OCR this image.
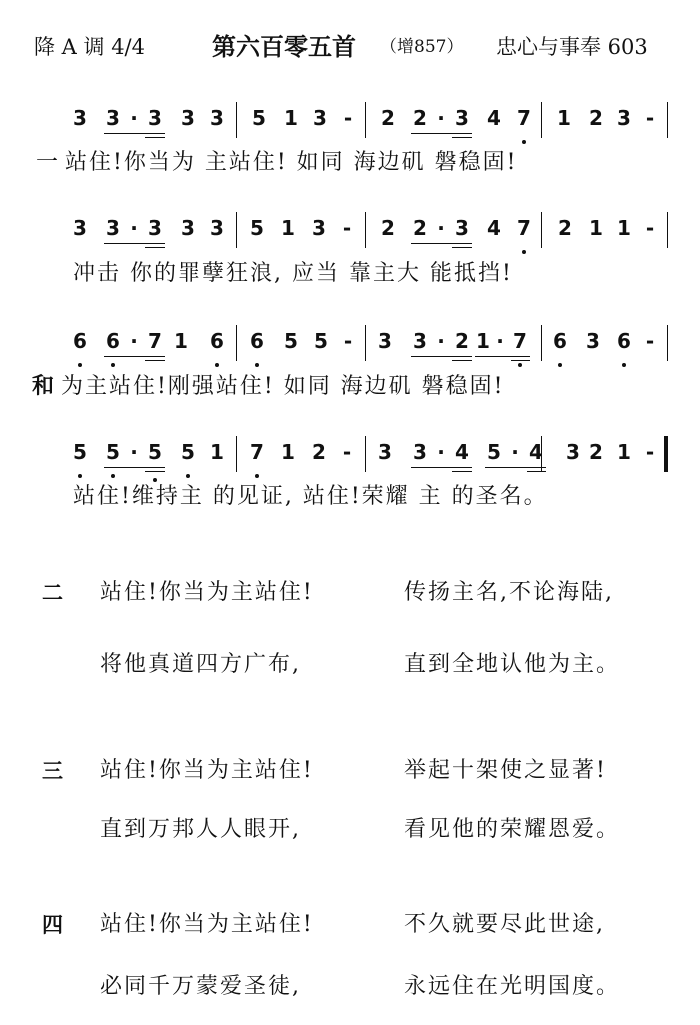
降 A 调 4/4	第六百零五首 （增857） 忠心与事奉 603
3 3 · 3 3 3 5 1 3 - 2 2 · 3 4 7 1 2 3 -
3 3 · 3 3 3 5 1 3 - 2 2 · 3 4 7 2 1 1 -
6 6 · 7 1 6 6 5 5 - 3 3 · 2 1 · 7 6 3 6 -
5 5 · 5 5 1 7 1 2 - 3 3 · 4 5 · 4 3 2 1 -
一 站住!你当为 主站住! 如同 海边矶 磐稳固!
冲击 你的罪孽狂浪, 应当 靠主大 能抵挡!
和 为主站住!刚强站住! 如同 海边矶 磐稳固!
站住!维持主 的见证, 站住!荣耀 主 的圣名。
二 站住!你当为主站住!	传扬主名,不论海陆,
将他真道四方广布,	直到全地认他为主。
三 站住!你当为主站住!	举起十架使之显著!
直到万邦人人眼开,	看见他的荣耀恩爱。
四 站住!你当为主站住!	不久就要尽此世途,
必同千万蒙爱圣徒,	永远住在光明国度。
